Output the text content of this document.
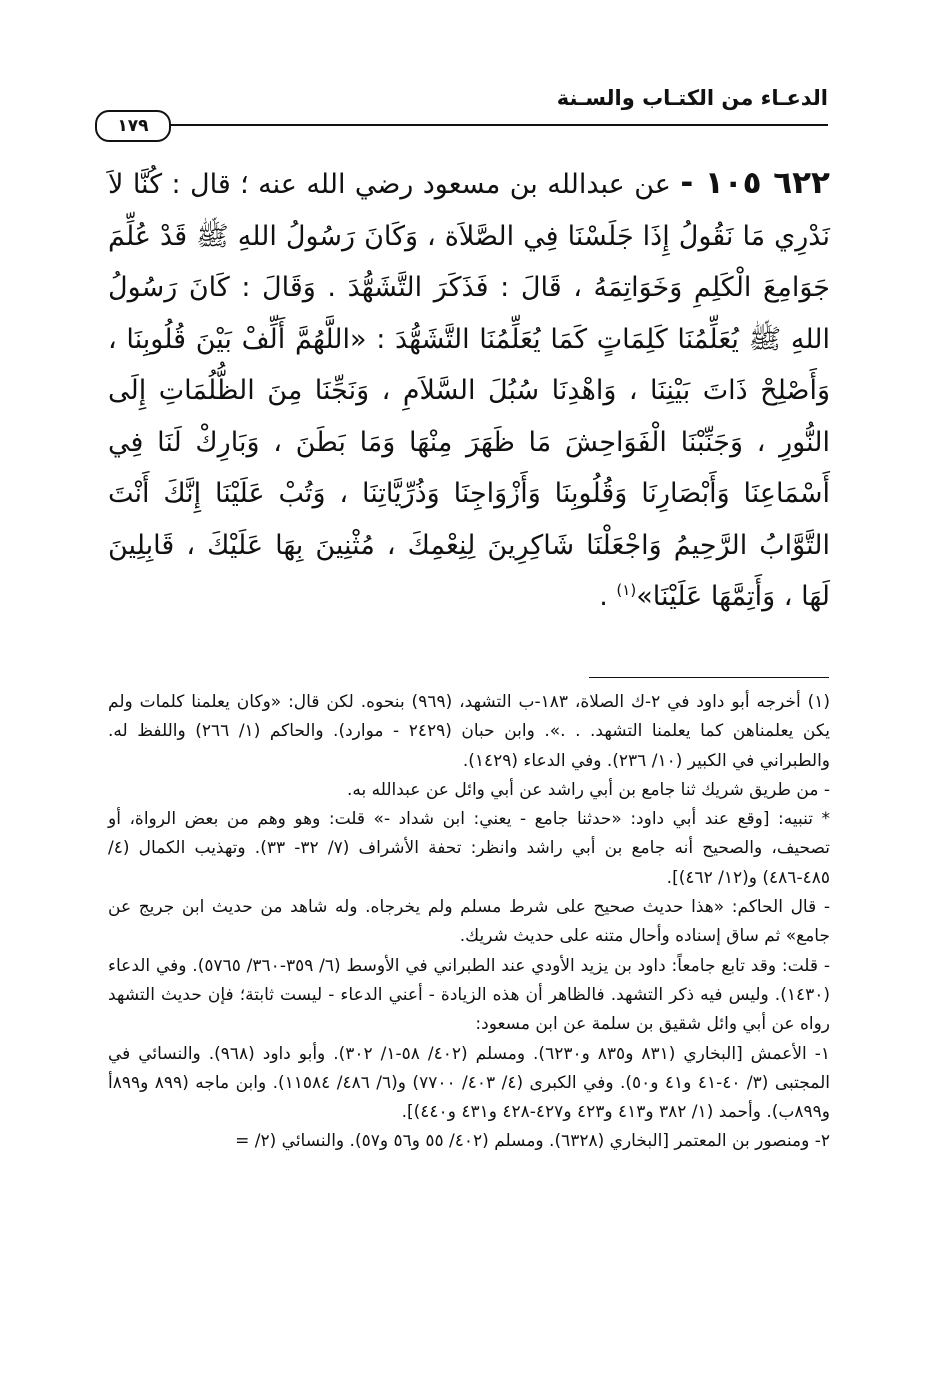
الدعـاء من الكتـاب والسـنة
١٧٩

٦٢٢ ١٠٥ - عن عبدالله بن مسعود رضي الله عنه ؛ قال : كُنَّا لاَ نَدْرِي مَا نَقُولُ إِذَا جَلَسْنَا فِي الصَّلاَة ، وَكَانَ رَسُولُ اللهِ ﷺ قَدْ عُلِّمَ جَوَامِعَ الْكَلِمِ وَخَوَاتِمَهُ ، قَالَ : فَذَكَرَ التَّشَهُّدَ . وَقَالَ : كَانَ رَسُولُ اللهِ ﷺ يُعَلِّمُنَا كَلِمَاتٍ كَمَا يُعَلِّمُنَا التَّشَهُّدَ : «اللَّهُمَّ أَلِّفْ بَيْنَ قُلُوبِنَا ، وَأَصْلِحْ ذَاتَ بَيْنِنَا ، وَاهْدِنَا سُبُلَ السَّلاَمِ ، وَنَجِّنَا مِنَ الظُّلُمَاتِ إِلَى النُّورِ ، وَجَنِّبْنَا الْفَوَاحِشَ مَا ظَهَرَ مِنْهَا وَمَا بَطَنَ ، وَبَارِكْ لَنَا فِي أَسْمَاعِنَا وَأَبْصَارِنَا وَقُلُوبِنَا وَأَزْوَاجِنَا وَذُرِّيَّاتِنَا ، وَتُبْ عَلَيْنَا إِنَّكَ أَنْتَ التَّوَّابُ الرَّحِيمُ وَاجْعَلْنَا شَاكِرِينَ لِنِعْمِكَ ، مُثْنِينَ بِهَا عَلَيْكَ ، قَابِلِينَ لَهَا ، وَأَتِمَّهَا عَلَيْنَا»$^{(١)}$ .

(١) أخرجه أبو داود في ٢-ك الصلاة، ١٨٣-ب التشهد، (٩٦٩) بنحوه. لكن قال: «وكان يعلمنا كلمات ولم يكن يعلمناهن كما يعلمنا التشهد. . .». وابن حبان (٢٤٢٩ - موارد). والحاكم (١/ ٢٦٦) واللفظ له. والطبراني في الكبير (١٠/ ٢٣٦). وفي الدعاء (١٤٢٩).

- من طريق شريك ثنا جامع بن أبي راشد عن أبي وائل عن عبدالله به.

* تنبيه: [وقع عند أبي داود: «حدثنا جامع - يعني: ابن شداد -» قلت: وهو وهم من بعض الرواة، أو تصحيف، والصحيح أنه جامع بن أبي راشد وانظر: تحفة الأشراف (٧/ ٣٢- ٣٣). وتهذيب الكمال (٤/ ٤٨٥-٤٨٦) و(١٢/ ٤٦٢)].

- قال الحاكم: «هذا حديث صحيح على شرط مسلم ولم يخرجاه. وله شاهد من حديث ابن جريج عن جامع» ثم ساق إسناده وأحال متنه على حديث شريك.

- قلت: وقد تابع جامعاً: داود بن يزيد الأودي عند الطبراني في الأوسط (٦/ ٣٥٩-٣٦٠/ ٥٧٦٥). وفي الدعاء (١٤٣٠). وليس فيه ذكر التشهد. فالظاهر أن هذه الزيادة - أعني الدعاء - ليست ثابتة؛ فإن حديث التشهد رواه عن أبي وائل شقيق بن سلمة عن ابن مسعود:

١- الأعمش [البخاري (٨٣١ و٨٣٥ و٦٢٣٠). ومسلم (٤٠٢/ ٥٨-١/ ٣٠٢). وأبو داود (٩٦٨). والنسائي في المجتبى (٣/ ٤٠-٤١ و٤١ و٥٠). وفي الكبرى (٤/ ٤٠٣/ ٧٧٠٠) و(٦/ ٤٨٦/ ١١٥٨٤). وابن ماجه (٨٩٩ و٨٩٩أ و٨٩٩ب). وأحمد (١/ ٣٨٢ و٤١٣ و٤٢٣ و٤٢٧-٤٢٨ و٤٣١ و٤٤٠)].

٢- ومنصور بن المعتمر [البخاري (٦٣٢٨). ومسلم (٤٠٢/ ٥٥ و٥٦ و٥٧). والنسائي (٢/ =
